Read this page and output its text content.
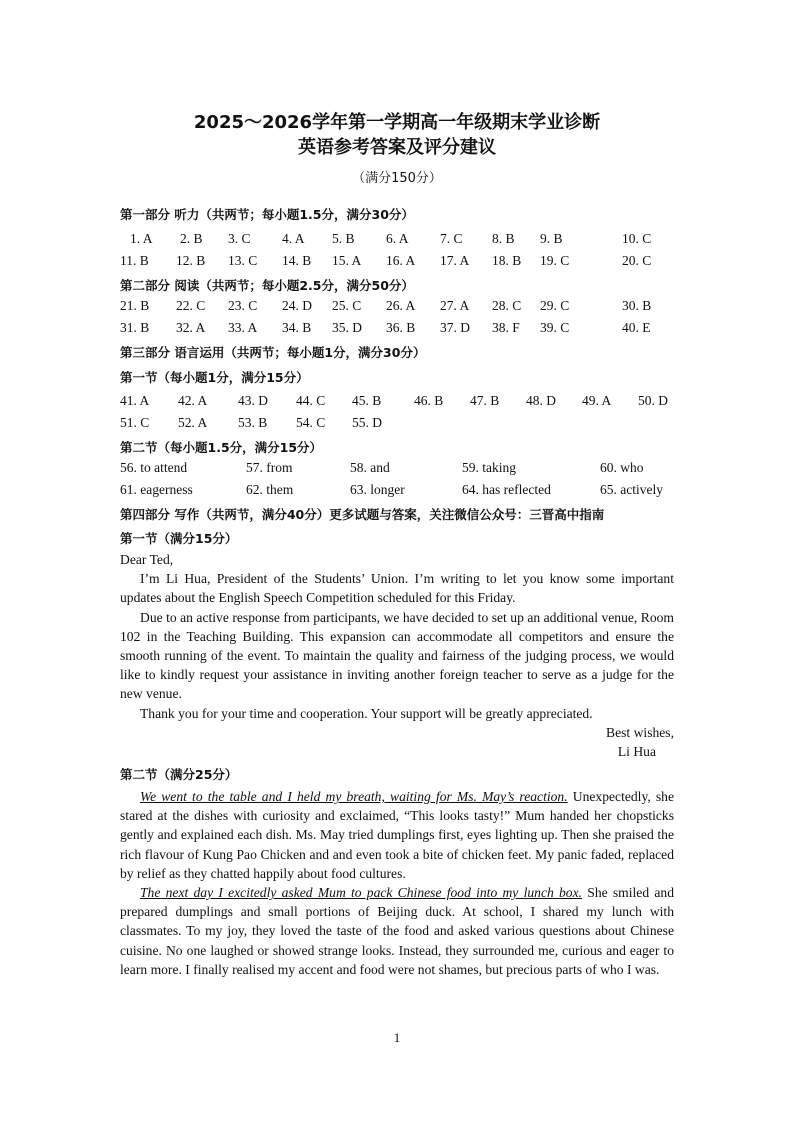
2025～2026学年第一学期高一年级期末学业诊断
英语参考答案及评分建议
（满分150分）
第一部分 听力（共两节；每小题1.5分，满分30分）
1. A 2. B 3. C 4. A 5. B 6. A 7. C 8. B 9. B	10. C
11. B 12. B 13. C 14. B 15. A 16. A 17. A 18. B 19. C	20. C
第二部分 阅读（共两节；每小题2.5分，满分50分）
21. B 22. C 23. C 24. D 25. C 26. A 27. A 28. C 29. C	30. B
31. B 32. A 33. A 34. B 35. D 36. B 37. D 38. F 39. C	40. E
第三部分 语言运用（共两节；每小题1分，满分30分）
第一节（每小题1分，满分15分）
41. A 42. A 43. D 44. C 45. B 46. B 47. B 48. D 49. A 50. D
51. C 52. A 53. B 54. C 55. D
第二节（每小题1.5分，满分15分）
56. to attend	57. from	58. and	59. taking	60. who
61. eagerness	62. them	63. longer	64. has reflected	65. actively
第四部分 写作（共两节，满分40分）更多试题与答案，关注微信公众号：三晋高中指南
第一节（满分15分）

Dear Ted,

I’m Li Hua, President of the Students’ Union. I’m writing to let you know some important updates about the English Speech Competition scheduled for this Friday.

Due to an active response from participants, we have decided to set up an additional venue, Room 102 in the Teaching Building. This expansion can accommodate all competitors and ensure the smooth running of the event. To maintain the quality and fairness of the judging process, we would like to kindly request your assistance in inviting another foreign teacher to serve as a judge for the new venue.

Thank you for your time and cooperation. Your support will be greatly appreciated.

Best wishes,

Li Hua

第二节（满分25分）

We went to the table and I held my breath, waiting for Ms. May’s reaction. Unexpectedly, she stared at the dishes with curiosity and exclaimed, “This looks tasty!” Mum handed her chopsticks gently and explained each dish. Ms. May tried dumplings first, eyes lighting up. Then she praised the rich flavour of Kung Pao Chicken and and even took a bite of chicken feet. My panic faded, replaced by relief as they chatted happily about food cultures.

The next day I excitedly asked Mum to pack Chinese food into my lunch box. She smiled and prepared dumplings and small portions of Beijing duck. At school, I shared my lunch with classmates. To my joy, they loved the taste of the food and asked various questions about Chinese cuisine. No one laughed or showed strange looks. Instead, they surrounded me, curious and eager to learn more. I finally realised my accent and food were not shames, but precious parts of who I was.

1
